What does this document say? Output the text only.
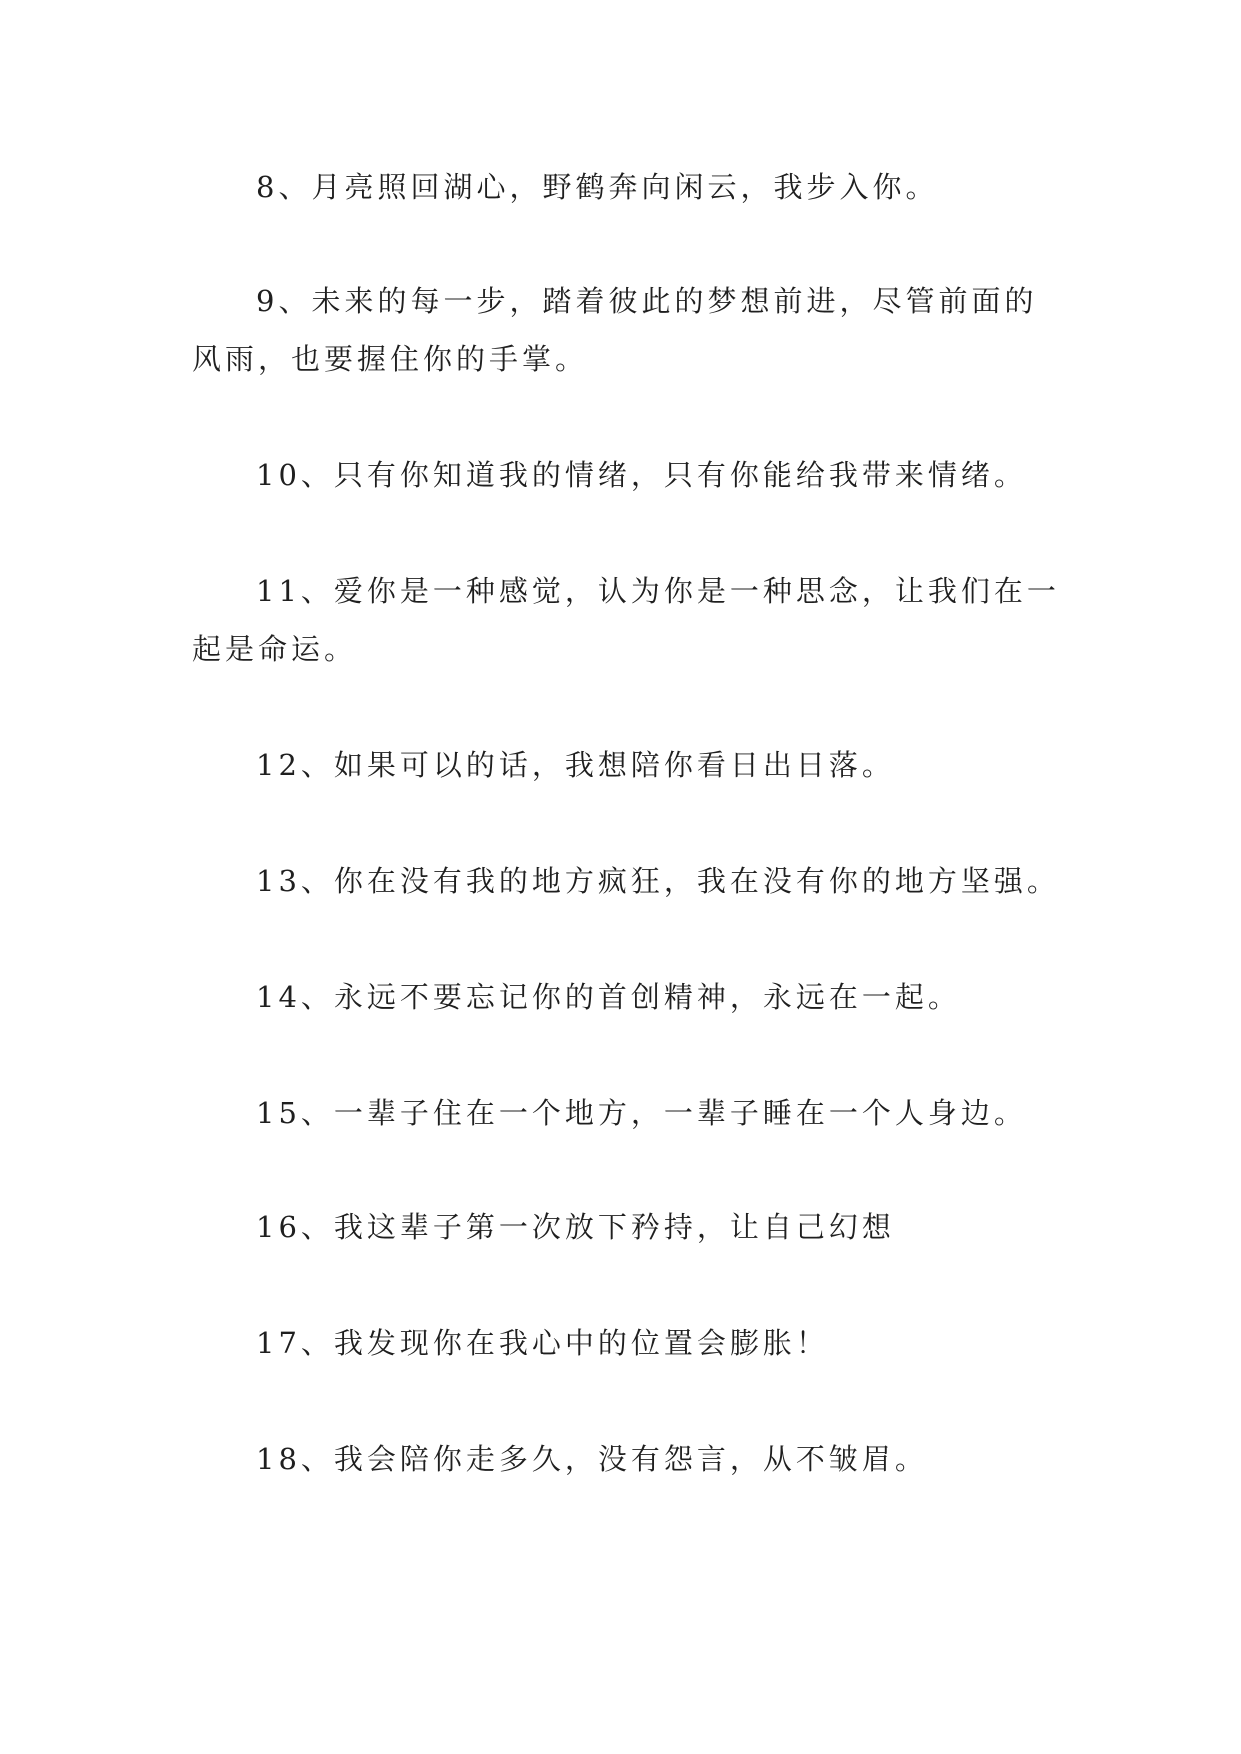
8、月亮照回湖心，野鹤奔向闲云，我步入你。

9、未来的每一步，踏着彼此的梦想前进，尽管前面的风雨，也要握住你的手掌。

10、只有你知道我的情绪，只有你能给我带来情绪。

11、爱你是一种感觉，认为你是一种思念，让我们在一起是命运。

12、如果可以的话，我想陪你看日出日落。

13、你在没有我的地方疯狂，我在没有你的地方坚强。

14、永远不要忘记你的首创精神，永远在一起。

15、一辈子住在一个地方，一辈子睡在一个人身边。

16、我这辈子第一次放下矜持，让自己幻想

17、我发现你在我心中的位置会膨胀！

18、我会陪你走多久，没有怨言，从不皱眉。
